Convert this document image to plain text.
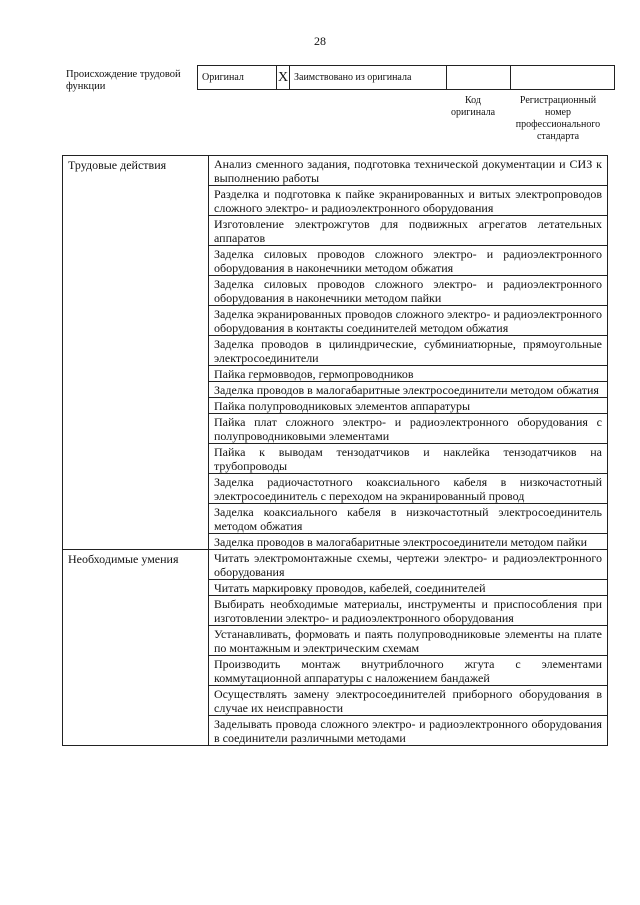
28
Происхождение трудовой функции
Оригинал	X	Заимствовано из оригинала		
Код оригинала
Регистрационный номер профессионального стандарта
Трудовые действия	Анализ сменного задания, подготовка технической документации и СИЗ к выполнению работы
	Разделка и подготовка к пайке экранированных и витых электропроводов сложного электро- и радиоэлектронного оборудования
	Изготовление электрожгутов для подвижных агрегатов летательных аппаратов
	Заделка силовых проводов сложного электро- и радиоэлектронного оборудования в наконечники методом обжатия
	Заделка силовых проводов сложного электро- и радиоэлектронного оборудования в наконечники методом пайки
	Заделка экранированных проводов сложного электро- и радиоэлектронного оборудования в контакты соединителей методом обжатия
	Заделка проводов в цилиндрические, субминиатюрные, прямоугольные электросоединители
	Пайка гермовводов, гермопроводников
	Заделка проводов в малогабаритные электросоединители методом обжатия
	Пайка полупроводниковых элементов аппаратуры
	Пайка плат сложного электро- и радиоэлектронного оборудования с полупроводниковыми элементами
	Пайка к выводам тензодатчиков и наклейка тензодатчиков на трубопроводы
	Заделка радиочастотного коаксиального кабеля в низкочастотный электросоединитель с переходом на экранированный провод
	Заделка коаксиального кабеля в низкочастотный электросоединитель методом обжатия
	Заделка проводов в малогабаритные электросоединители методом пайки
Необходимые умения	Читать электромонтажные схемы, чертежи электро- и радиоэлектронного оборудования
	Читать маркировку проводов, кабелей, соединителей
	Выбирать необходимые материалы, инструменты и приспособления при изготовлении электро- и радиоэлектронного оборудования
	Устанавливать, формовать и паять полупроводниковые элементы на плате по монтажным и электрическим схемам
	Производить монтаж внутриблочного жгута с элементами коммутационной аппаратуры с наложением бандажей
	Осуществлять замену электросоединителей приборного оборудования в случае их неисправности
	Заделывать провода сложного электро- и радиоэлектронного оборудования в соединители различными методами
